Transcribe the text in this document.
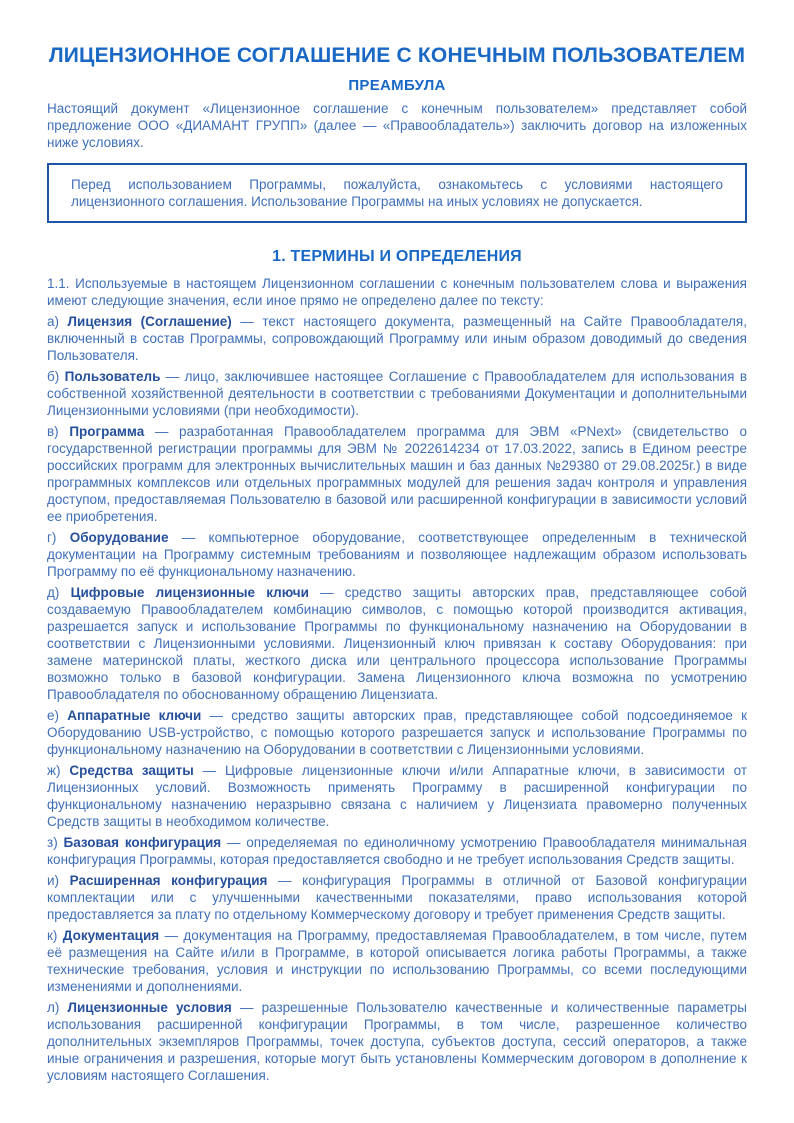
ЛИЦЕНЗИОННОЕ СОГЛАШЕНИЕ С КОНЕЧНЫМ ПОЛЬЗОВАТЕЛЕМ
ПРЕАМБУЛА

Настоящий документ «Лицензионное соглашение с конечным пользователем» представляет собой предложение ООО «ДИАМАНТ ГРУПП» (далее — «Правообладатель») заключить договор на изложенных ниже условиях.

Перед использованием Программы, пожалуйста, ознакомьтесь с условиями настоящего лицензионного соглашения. Использование Программы на иных условиях не допускается.

1. ТЕРМИНЫ И ОПРЕДЕЛЕНИЯ

1.1. Используемые в настоящем Лицензионном соглашении с конечным пользователем слова и выражения имеют следующие значения, если иное прямо не определено далее по тексту:

а) Лицензия (Соглашение) — текст настоящего документа, размещенный на Сайте Правообладателя, включенный в состав Программы, сопровождающий Программу или иным образом доводимый до сведения Пользователя.

б) Пользователь — лицо, заключившее настоящее Соглашение с Правообладателем для использования в собственной хозяйственной деятельности в соответствии с требованиями Документации и дополнительными Лицензионными условиями (при необходимости).

в) Программа — разработанная Правообладателем программа для ЭВМ «PNext» (свидетельство о государственной регистрации программы для ЭВМ № 2022614234 от 17.03.2022, запись в Едином реестре российских программ для электронных вычислительных машин и баз данных №29380 от 29.08.2025г.) в виде программных комплексов или отдельных программных модулей для решения задач контроля и управления доступом, предоставляемая Пользователю в базовой или расширенной конфигурации в зависимости условий ее приобретения.

г) Оборудование — компьютерное оборудование, соответствующее определенным в технической документации на Программу системным требованиям и позволяющее надлежащим образом использовать Программу по её функциональному назначению.

д) Цифровые лицензионные ключи — средство защиты авторских прав, представляющее собой создаваемую Правообладателем комбинацию символов, с помощью которой производится активация, разрешается запуск и использование Программы по функциональному назначению на Оборудовании в соответствии с Лицензионными условиями. Лицензионный ключ привязан к составу Оборудования: при замене материнской платы, жесткого диска или центрального процессора использование Программы возможно только в базовой конфигурации. Замена Лицензионного ключа возможна по усмотрению Правообладателя по обоснованному обращению Лицензиата.

е) Аппаратные ключи — средство защиты авторских прав, представляющее собой подсоединяемое к Оборудованию USB-устройство, с помощью которого разрешается запуск и использование Программы по функциональному назначению на Оборудовании в соответствии с Лицензионными условиями.

ж) Средства защиты — Цифровые лицензионные ключи и/или Аппаратные ключи, в зависимости от Лицензионных условий. Возможность применять Программу в расширенной конфигурации по функциональному назначению неразрывно связана с наличием у Лицензиата правомерно полученных Средств защиты в необходимом количестве.

з) Базовая конфигурация — определяемая по единоличному усмотрению Правообладателя минимальная конфигурация Программы, которая предоставляется свободно и не требует использования Средств защиты.

и) Расширенная конфигурация — конфигурация Программы в отличной от Базовой конфигурации комплектации или с улучшенными качественными показателями, право использования которой предоставляется за плату по отдельному Коммерческому договору и требует применения Средств защиты.

к) Документация — документация на Программу, предоставляемая Правообладателем, в том числе, путем её размещения на Сайте и/или в Программе, в которой описывается логика работы Программы, а также технические требования, условия и инструкции по использованию Программы, со всеми последующими изменениями и дополнениями.

л) Лицензионные условия — разрешенные Пользователю качественные и количественные параметры использования расширенной конфигурации Программы, в том числе, разрешенное количество дополнительных экземпляров Программы, точек доступа, субъектов доступа, сессий операторов, а также иные ограничения и разрешения, которые могут быть установлены Коммерческим договором в дополнение к условиям настоящего Соглашения.
